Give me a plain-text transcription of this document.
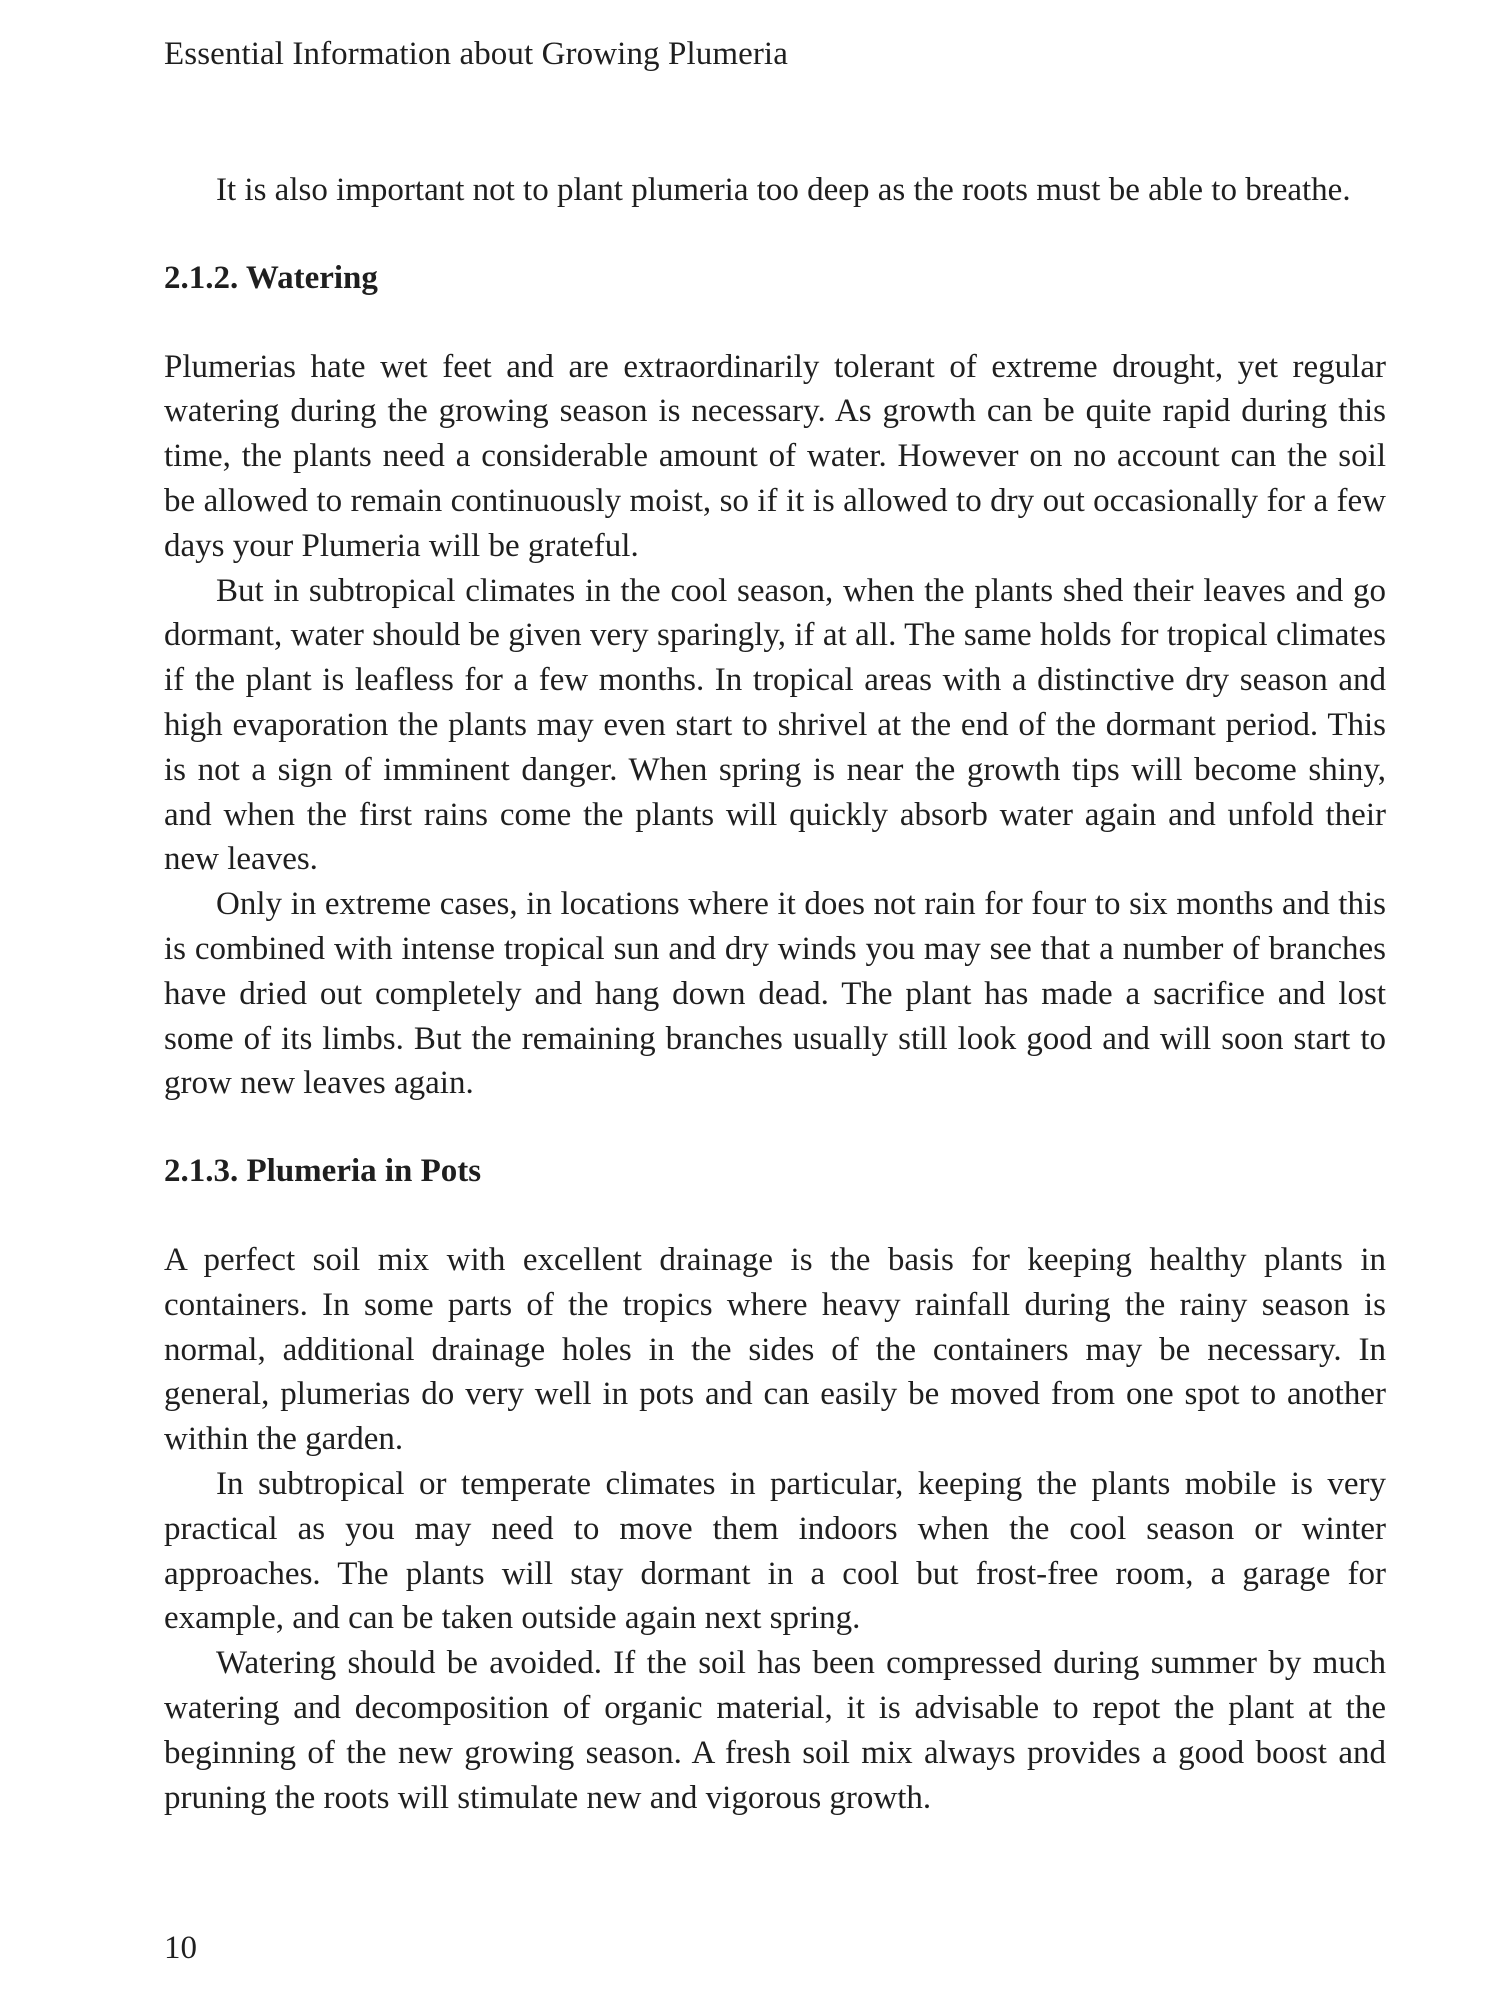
Essential Information about Growing Plumeria

It is also important not to plant plumeria too deep as the roots must be able to breathe.

2.1.2. Watering

Plumerias hate wet feet and are extraordinarily tolerant of extreme drought, yet regular watering during the growing season is necessary. As growth can be quite rapid during this time, the plants need a considerable amount of water. However on no account can the soil be allowed to remain continuously moist, so if it is allowed to dry out occasionally for a few days your Plumeria will be grateful.

But in subtropical climates in the cool season, when the plants shed their leaves and go dormant, water should be given very sparingly, if at all. The same holds for tropical climates if the plant is leafless for a few months. In tropical areas with a distinctive dry season and high evaporation the plants may even start to shrivel at the end of the dormant period. This is not a sign of imminent danger. When spring is near the growth tips will become shiny, and when the first rains come the plants will quickly absorb water again and unfold their new leaves.

Only in extreme cases, in locations where it does not rain for four to six months and this is combined with intense tropical sun and dry winds you may see that a number of branches have dried out completely and hang down dead. The plant has made a sacrifice and lost some of its limbs. But the remaining branches usually still look good and will soon start to grow new leaves again.

2.1.3. Plumeria in Pots

A perfect soil mix with excellent drainage is the basis for keeping healthy plants in containers. In some parts of the tropics where heavy rainfall during the rainy season is normal, additional drainage holes in the sides of the containers may be necessary. In general, plumerias do very well in pots and can easily be moved from one spot to another within the garden.

In subtropical or temperate climates in particular, keeping the plants mobile is very practical as you may need to move them indoors when the cool season or winter approaches. The plants will stay dormant in a cool but frost-free room, a garage for example, and can be taken outside again next spring.

Watering should be avoided. If the soil has been compressed during summer by much watering and decomposition of organic material, it is advisable to repot the plant at the beginning of the new growing season. A fresh soil mix always provides a good boost and pruning the roots will stimulate new and vigorous growth.

10
